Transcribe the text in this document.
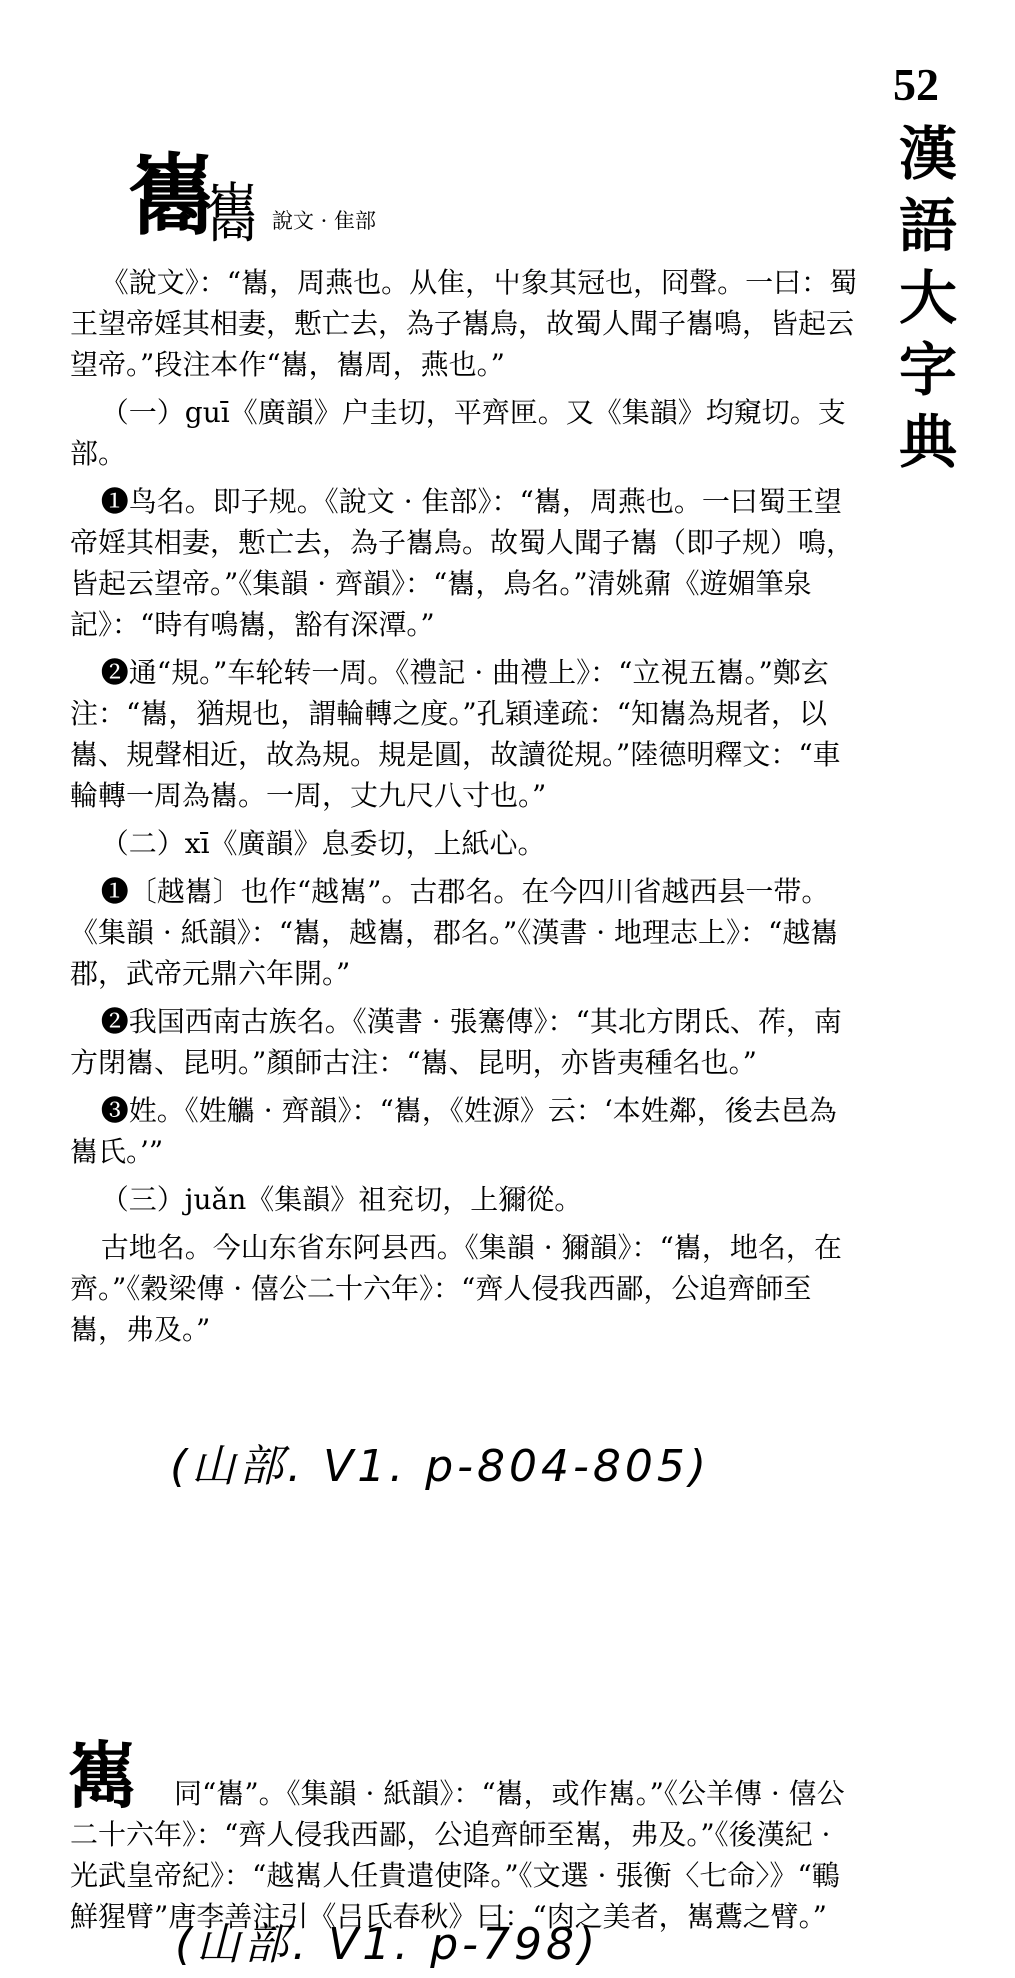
52
漢
語
大
字
典
巂
巂 說文 · 隹部

《說文》：“巂，周燕也。从隹，屮象其冠也，冏聲。一曰：蜀王望帝婬其相妻，慙亡去，為子巂鳥，故蜀人聞子巂鳴，皆起云望帝。”段注本作“巂，巂周，燕也。”

（一）guī《廣韻》户圭切，平齊匣。又《集韻》均窺切。支部。

❶鸟名。即子规。《說文 · 隹部》：“巂，周燕也。一曰蜀王望帝婬其相妻，慙亡去，為子巂鳥。故蜀人聞子巂（即子规）鳴，皆起云望帝。”《集韻 · 齊韻》：“巂，鳥名。”清姚鼐《遊媚筆泉記》：“時有鳴巂，豁有深潭。”

❷通“規。”车轮转一周。《禮記 · 曲禮上》：“立視五巂。”鄭玄注：“巂，猶規也，謂輪轉之度。”孔穎達疏：“知巂為規者，以巂、規聲相近，故為規。規是圓，故讀從規。”陸德明釋文：“車輪轉一周為巂。一周，丈九尺八寸也。”

（二）xī《廣韻》息委切，上紙心。

❶〔越巂〕也作“越嶲”。古郡名。在今四川省越西县一带。《集韻 · 紙韻》：“巂，越巂，郡名。”《漢書 · 地理志上》：“越巂郡，武帝元鼎六年開。”

❷我国西南古族名。《漢書 · 張騫傳》：“其北方閉氐、莋，南方閉巂、昆明。”顏師古注：“巂、昆明，亦皆夷種名也。”

❸姓。《姓觿 · 齊韻》：“巂，《姓源》云：‘本姓鄰，後去邑為巂氏。’”

（三）juǎn《集韻》祖兖切，上獮從。

古地名。今山东省东阿县西。《集韻 · 獮韻》：“巂，地名，在齊。”《穀梁傳 · 僖公二十六年》：“齊人侵我西鄙，公追齊師至巂，弗及。”

(山部. V1. p-804-805)
嶲	同“巂”。《集韻 · 紙韻》：“巂，或作嶲。”《公羊傳 · 僖公二十六年》：“齊人侵我西鄙，公追齊師至嶲，弗及。”《後漢紀 · 光武皇帝紀》：“越嶲人任貴遣使降。”《文選 · 張衡〈七命〉》“鶤鮮猩臂”唐李善注引《吕氏春秋》曰：“肉之美者，嶲鷰之臂。”

(山部. V1. p-798)
